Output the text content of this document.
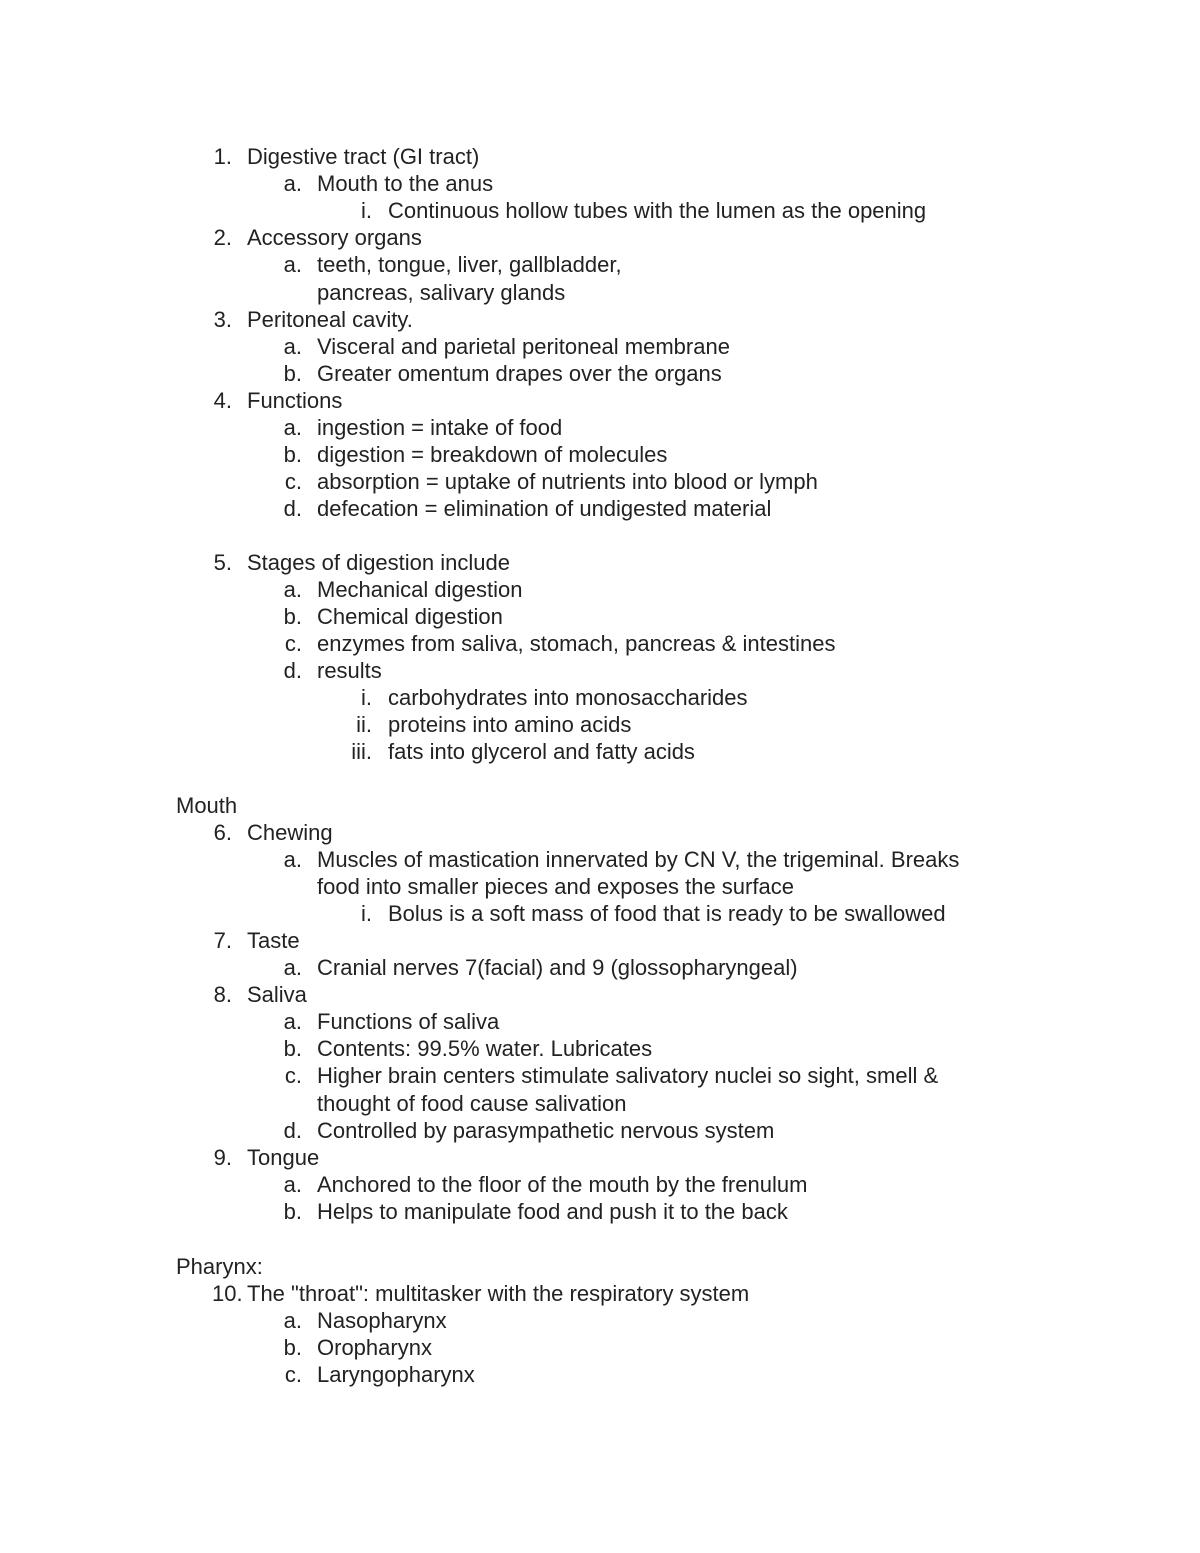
1. Digestive tract (GI tract)
a. Mouth to the anus
i. Continuous hollow tubes with the lumen as the opening
2. Accessory organs
a. teeth, tongue, liver, gallbladder,
pancreas, salivary glands
3. Peritoneal cavity.
a. Visceral and parietal peritoneal membrane
b. Greater omentum drapes over the organs
4. Functions
a. ingestion = intake of food
b. digestion = breakdown of molecules
c. absorption = uptake of nutrients into blood or lymph
d. defecation = elimination of undigested material
5. Stages of digestion include
a. Mechanical digestion
b. Chemical digestion
c. enzymes from saliva, stomach, pancreas & intestines
d. results
i. carbohydrates into monosaccharides
ii. proteins into amino acids
iii. fats into glycerol and fatty acids
Mouth
6. Chewing
a. Muscles of mastication innervated by CN V, the trigeminal. Breaks
food into smaller pieces and exposes the surface
i. Bolus is a soft mass of food that is ready to be swallowed
7. Taste
a. Cranial nerves 7(facial) and 9 (glossopharyngeal)
8. Saliva
a. Functions of saliva
b. Contents: 99.5% water. Lubricates
c. Higher brain centers stimulate salivatory nuclei so sight, smell &
thought of food cause salivation
d. Controlled by parasympathetic nervous system
9. Tongue
a. Anchored to the floor of the mouth by the frenulum
b. Helps to manipulate food and push it to the back
Pharynx:
10. The "throat": multitasker with the respiratory system
a. Nasopharynx
b. Oropharynx
c. Laryngopharynx
